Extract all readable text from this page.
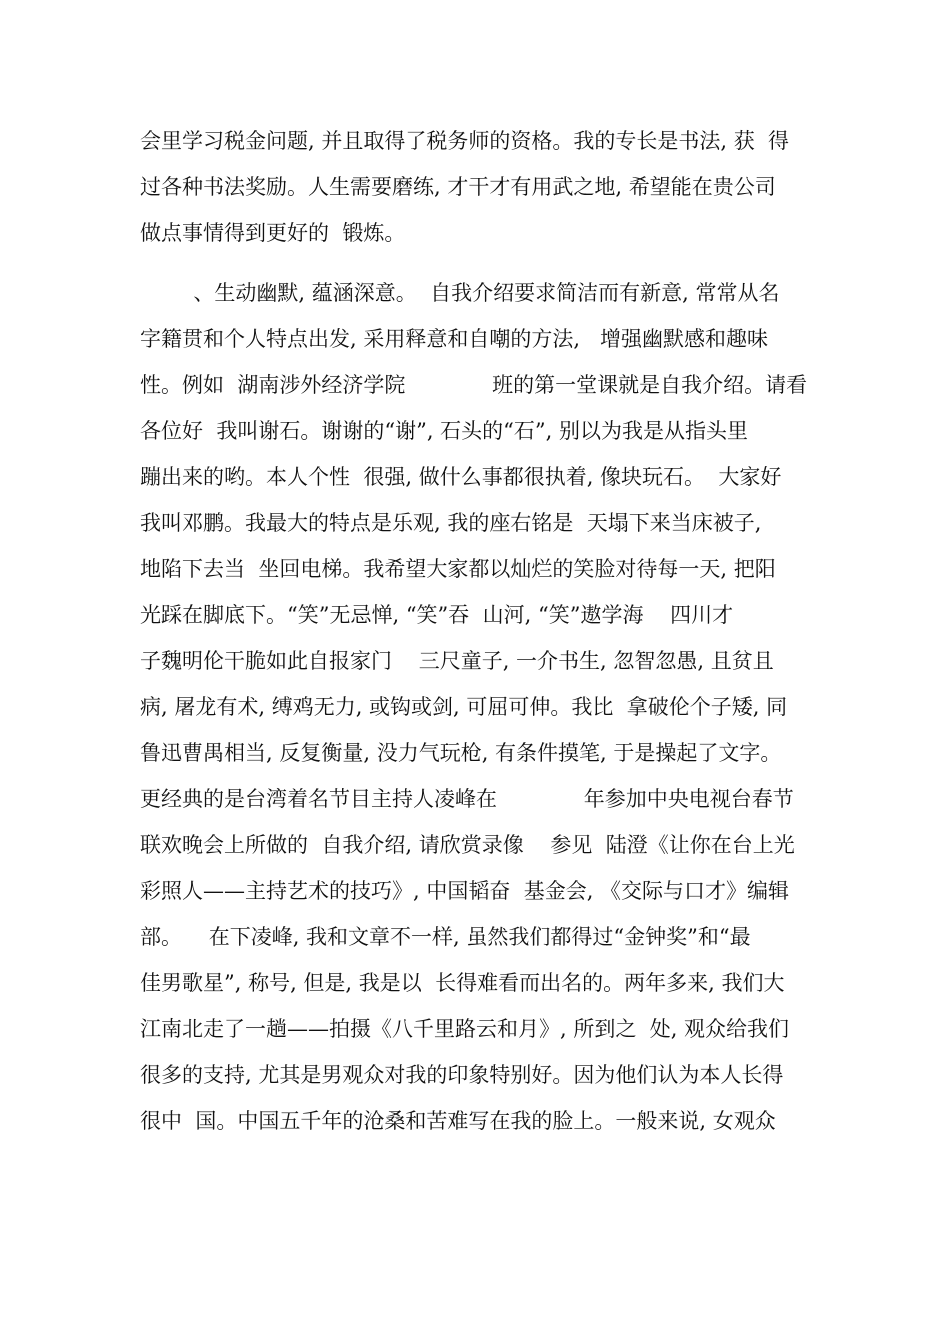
会里学习税金问题, 并且取得了税务师的资格。我的专长是书法, 获  得
过各种书法奖励。人生需要磨练, 才干才有用武之地, 希望能在贵公司
做点事情得到更好的  锻炼。
、生动幽默, 蕴涵深意。  自我介绍要求简洁而有新意, 常常从名
字籍贯和个人特点出发, 采用释意和自嘲的方法,   增强幽默感和趣味
性。例如  湖南涉外经济学院             班的第一堂课就是自我介绍。请看
各位好  我叫谢石。谢谢的“谢”, 石头的“石”, 别以为我是从指头里
蹦出来的哟。本人个性  很强, 做什么事都很执着, 像块玩石。  大家好
我叫邓鹏。我最大的特点是乐观, 我的座右铭是  天塌下来当床被子,
地陷下去当  坐回电梯。我希望大家都以灿烂的笑脸对待每一天, 把阳
光踩在脚底下。“笑”无忌惮, “笑”吞  山河, “笑”遨学海    四川才
子魏明伦干脆如此自报家门    三尺童子, 一介书生, 忽智忽愚, 且贫且
病, 屠龙有术, 缚鸡无力, 或钩或剑, 可屈可伸。我比  拿破伦个子矮, 同
鲁迅曹禺相当, 反复衡量, 没力气玩枪, 有条件摸笔, 于是操起了文字。
更经典的是台湾着名节目主持人凌峰在             年参加中央电视台春节
联欢晚会上所做的  自我介绍, 请欣赏录像    参见  陆澄《让你在台上光
彩照人——主持艺术的技巧》, 中国韬奋  基金会, 《交际与口才》编辑
部。    在下凌峰, 我和文章不一样, 虽然我们都得过“金钟奖”和“最
佳男歌星”, 称号, 但是, 我是以  长得难看而出名的。两年多来, 我们大
江南北走了一趟——拍摄《八千里路云和月》, 所到之  处, 观众给我们
很多的支持, 尤其是男观众对我的印象特别好。因为他们认为本人长得
很中  国。中国五千年的沧桑和苦难写在我的脸上。一般来说, 女观众
